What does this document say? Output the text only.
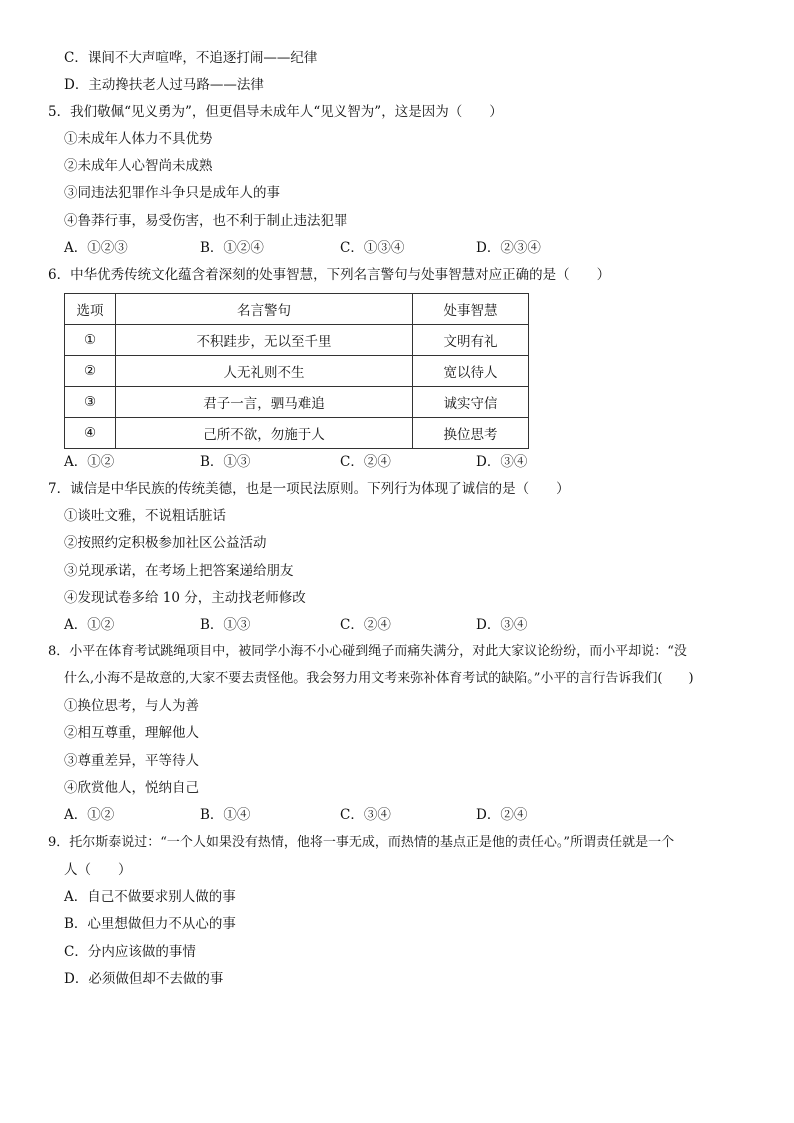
C．课间不大声喧哗，不追逐打闹——纪律
D．主动搀扶老人过马路——法律
5．我们敬佩“见义勇为”，但更倡导未成年人“见义智为”，这是因为（　　）
①未成年人体力不具优势
②未成年人心智尚未成熟
③同违法犯罪作斗争只是成年人的事
④鲁莽行事，易受伤害，也不利于制止违法犯罪
A．①②③	B．①②④	C．①③④	D．②③④
6．中华优秀传统文化蕴含着深刻的处事智慧，下列名言警句与处事智慧对应正确的是（　　）
选项	名言警句	处事智慧
①	不积跬步，无以至千里	文明有礼
②	人无礼则不生	宽以待人
③	君子一言，驷马难追	诚实守信
④	己所不欲，勿施于人	换位思考
A．①②	B．①③	C．②④	D．③④
7．诚信是中华民族的传统美德，也是一项民法原则。下列行为体现了诚信的是（　　）
①谈吐文雅，不说粗话脏话
②按照约定积极参加社区公益活动
③兑现承诺，在考场上把答案递给朋友
④发现试卷多给 10 分，主动找老师修改
A．①②	B．①③	C．②④	D．③④
8．小平在体育考试跳绳项目中，被同学小海不小心碰到绳子而痛失满分，对此大家议论纷纷，而小平却说：“没
什么,小海不是故意的,大家不要去责怪他。我会努力用文考来弥补体育考试的缺陷。”小平的言行告诉我们(　　)
①换位思考，与人为善
②相互尊重，理解他人
③尊重差异，平等待人
④欣赏他人，悦纳自己
A．①②	B．①④	C．③④	D．②④
9．托尔斯泰说过：“一个人如果没有热情，他将一事无成，而热情的基点正是他的责任心。”所谓责任就是一个
人（　　）
A．自己不做要求别人做的事
B．心里想做但力不从心的事
C．分内应该做的事情
D．必须做但却不去做的事
